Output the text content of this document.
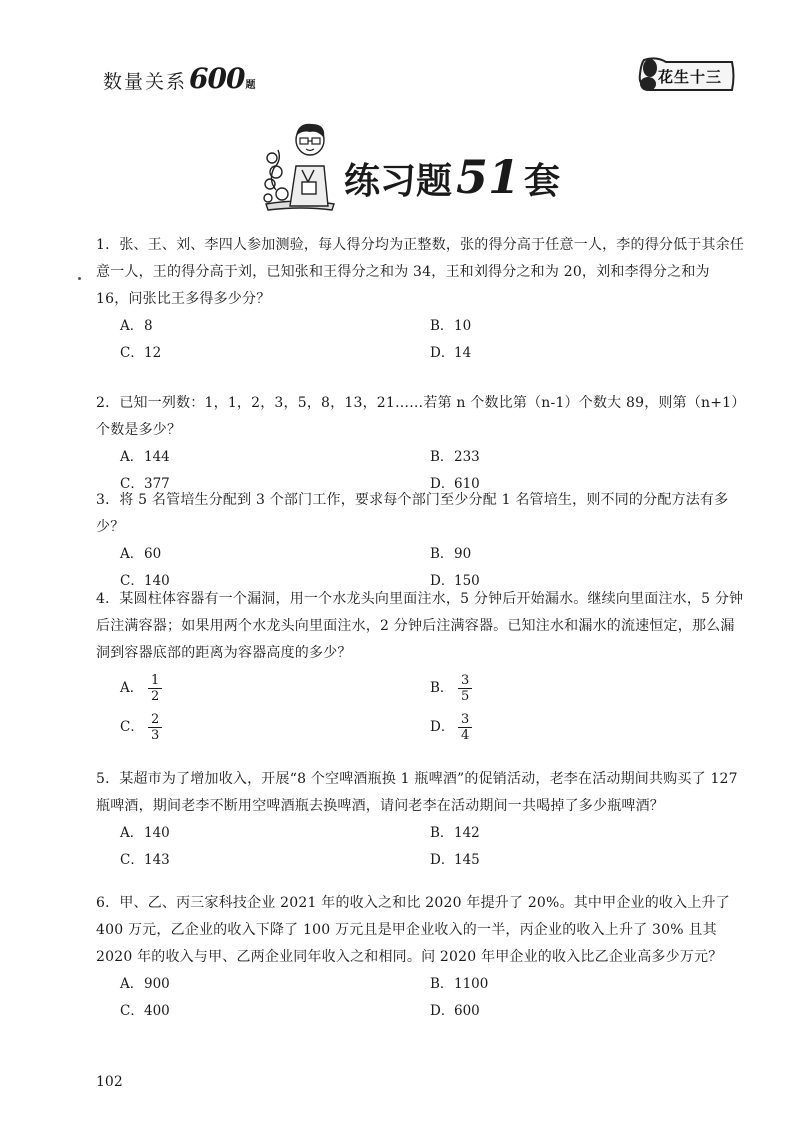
数量关系 600 题	花生十三
练习题 51 套
1．张、王、刘、李四人参加测验，每人得分均为正整数，张的得分高于任意一人，李的得分低于其余任意一人，王的得分高于刘，已知张和王得分之和为 34，王和刘得分之和为 20，刘和李得分之和为 16，问张比王多得多少分？
A． 8	B． 10
C． 12	D． 14
2．已知一列数：1，1，2，3，5，8，13，21……若第 n 个数比第（n-1）个数大 89，则第（n+1）个数是多少？
A． 144	B． 233
C． 377	D． 610
3．将 5 名管培生分配到 3 个部门工作，要求每个部门至少分配 1 名管培生，则不同的分配方法有多少？
A． 60	B． 90
C． 140	D． 150
4．某圆柱体容器有一个漏洞，用一个水龙头向里面注水，5 分钟后开始漏水。继续向里面注水，5 分钟后注满容器；如果用两个水龙头向里面注水，2 分钟后注满容器。已知注水和漏水的流速恒定，那么漏洞到容器底部的距离为容器高度的多少？
A． $\frac{1}{2}$	B． $\frac{3}{5}$
C． $\frac{2}{3}$	D． $\frac{3}{4}$
5．某超市为了增加收入，开展“8 个空啤酒瓶换 1 瓶啤酒”的促销活动，老李在活动期间共购买了 127 瓶啤酒，期间老李不断用空啤酒瓶去换啤酒，请问老李在活动期间一共喝掉了多少瓶啤酒？
A． 140	B． 142
C． 143	D． 145
6．甲、乙、丙三家科技企业 2021 年的收入之和比 2020 年提升了 20%。其中甲企业的收入上升了 400 万元，乙企业的收入下降了 100 万元且是甲企业收入的一半，丙企业的收入上升了 30% 且其 2020 年的收入与甲、乙两企业同年收入之和相同。问 2020 年甲企业的收入比乙企业高多少万元？
A． 900	B． 1100
C． 400	D． 600
102
